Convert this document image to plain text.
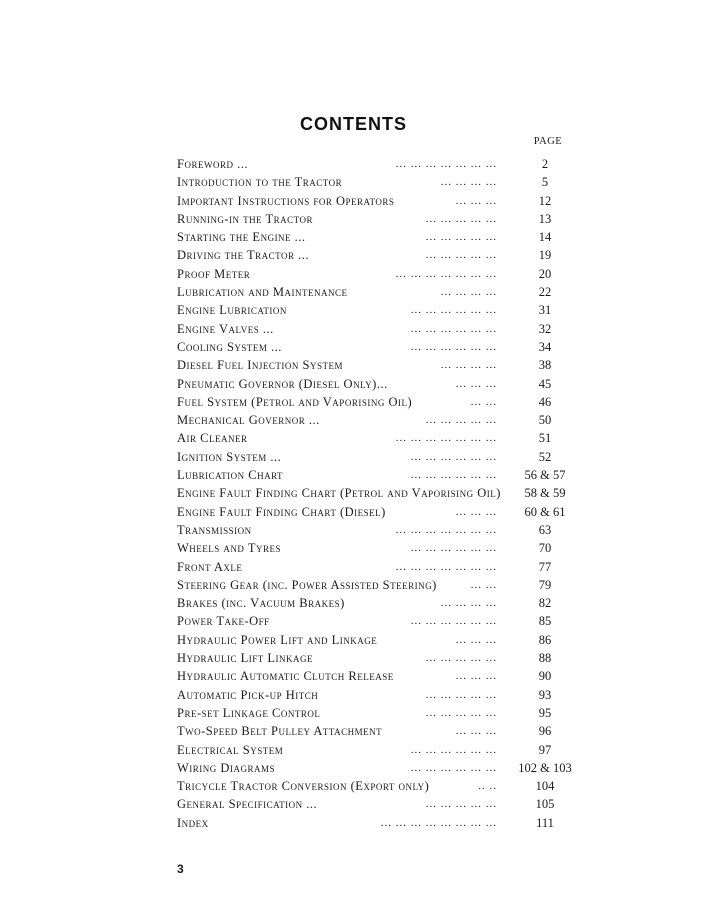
CONTENTS
PAGE
Foreword ...	... ... ... ... ... ... ...	2
Introduction to the Tractor	... ... ... ...	5
Important Instructions for Operators	... ... ...	12
Running-in the Tractor	... ... ... ... ...	13
Starting the Engine ...	... ... ... ... ...	14
Driving the Tractor ...	... ... ... ... ...	19
Proof Meter	... ... ... ... ... ... ...	20
Lubrication and Maintenance	... ... ... ...	22
Engine Lubrication	... ... ... ... ... ...	31
Engine Valves ...	... ... ... ... ... ...	32
Cooling System ...	... ... ... ... ... ...	34
Diesel Fuel Injection System	... ... ... ...	38
Pneumatic Governor (Diesel Only)...	... ... ...	45
Fuel System (Petrol and Vaporising Oil)	... ...	46
Mechanical Governor ...	... ... ... ... ...	50
Air Cleaner	... ... ... ... ... ... ...	51
Ignition System ...	... ... ... ... ... ...	52
Lubrication Chart	... ... ... ... ... ...	56 & 57
Engine Fault Finding Chart (Petrol and Vaporising Oil)	58 & 59
Engine Fault Finding Chart (Diesel)	... ... ...	60 & 61
Transmission	... ... ... ... ... ... ...	63
Wheels and Tyres	... ... ... ... ... ...	70
Front Axle	... ... ... ... ... ... ...	77
Steering Gear (inc. Power Assisted Steering)	... ...	79
Brakes (inc. Vacuum Brakes)	... ... ... ...	82
Power Take-Off	... ... ... ... ... ...	85
Hydraulic Power Lift and Linkage	... ... ...	86
Hydraulic Lift Linkage	... ... ... ... ...	88
Hydraulic Automatic Clutch Release	... ... ...	90
Automatic Pick-up Hitch	... ... ... ... ...	93
Pre-set Linkage Control	... ... ... ... ...	95
Two-Speed Belt Pulley Attachment	... ... ...	96
Electrical System	... ... ... ... ... ...	97
Wiring Diagrams	... ... ... ... ... ... 102 & 103
Tricycle Tractor Conversion (Export only)	.. ..	104
General Specification ...	... ... ... ... ...	105
Index	... ... ... ... ... ... ... ...	111
3
